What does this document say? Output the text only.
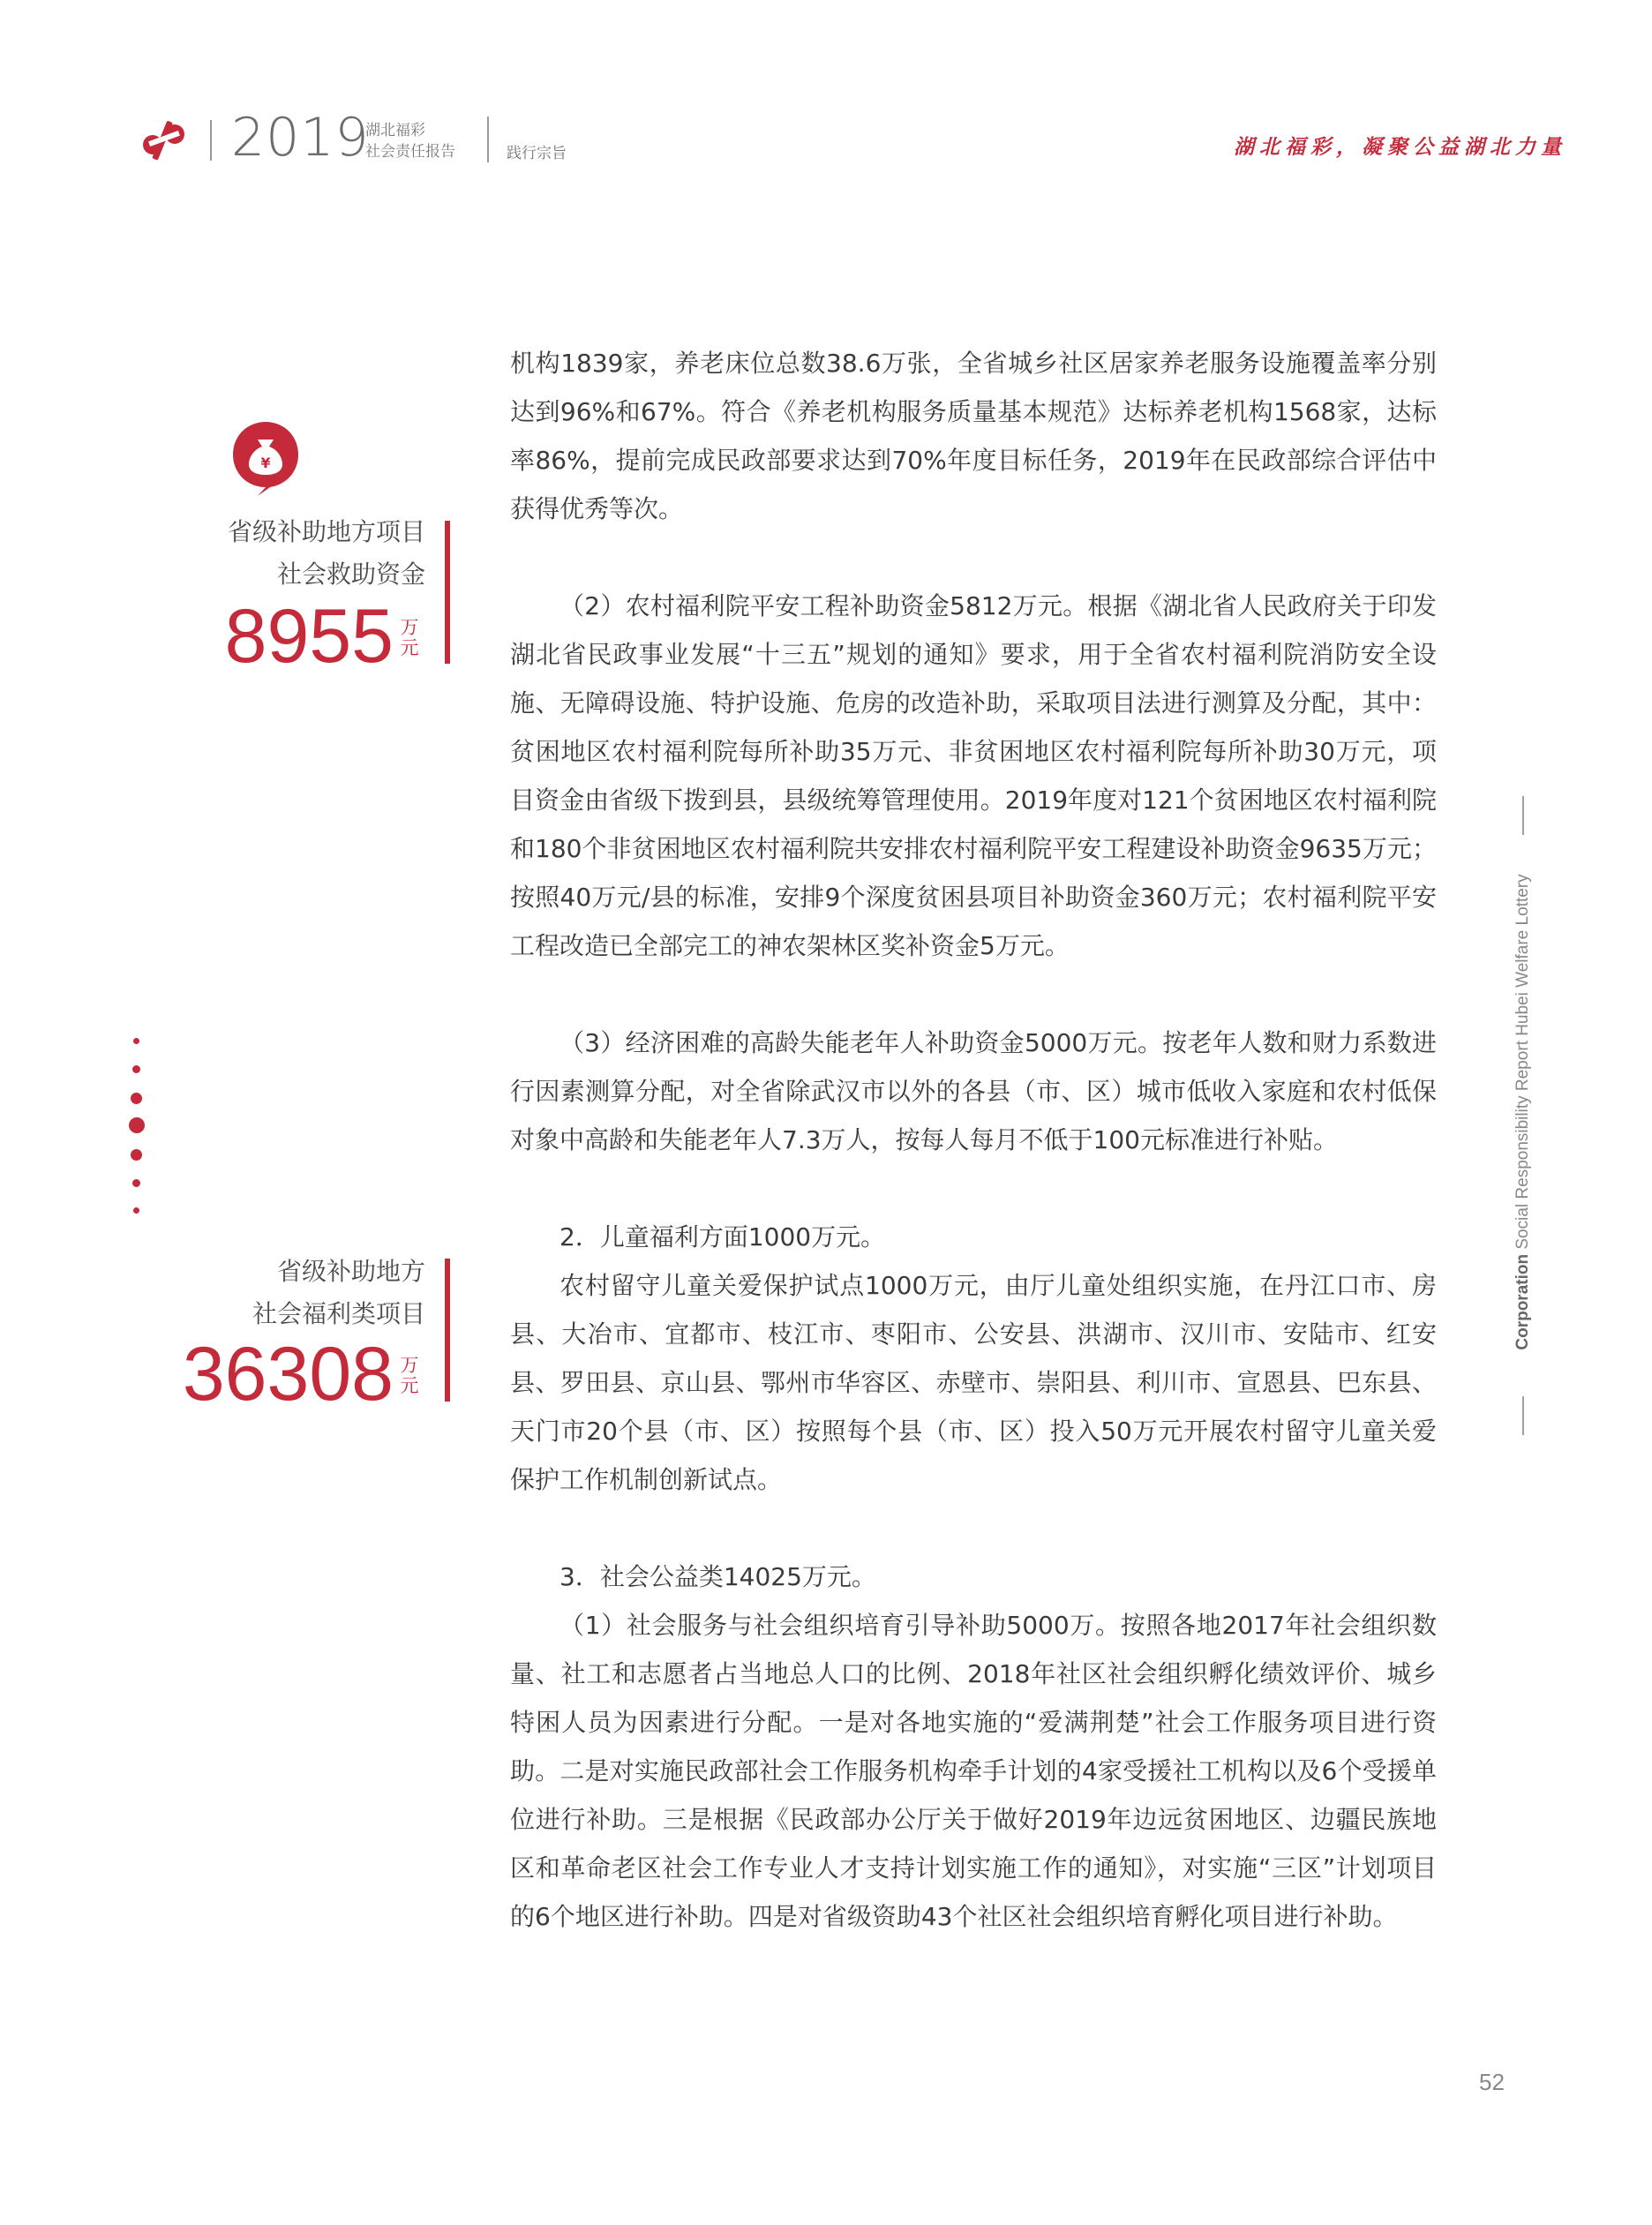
2019
湖北福彩
社会责任报告	践行宗旨	湖北福彩，凝聚公益湖北力量
¥
省级补助地方项目
社会救助资金
8955 万
元
省级补助地方
社会福利类项目
36308 万
元

机构1839家，养老床位总数38.6万张，全省城乡社区居家养老服务设施覆盖率分别达到96%和67%。符合《养老机构服务质量基本规范》达标养老机构1568家，达标率86%，提前完成民政部要求达到70%年度目标任务，2019年在民政部综合评估中获得优秀等次。

（2）农村福利院平安工程补助资金5812万元。根据《湖北省人民政府关于印发湖北省民政事业发展“十三五”规划的通知》要求，用于全省农村福利院消防安全设施、无障碍设施、特护设施、危房的改造补助，采取项目法进行测算及分配，其中：贫困地区农村福利院每所补助35万元、非贫困地区农村福利院每所补助30万元，项目资金由省级下拨到县，县级统筹管理使用。2019年度对121个贫困地区农村福利院和180个非贫困地区农村福利院共安排农村福利院平安工程建设补助资金9635万元；按照40万元/县的标准，安排9个深度贫困县项目补助资金360万元；农村福利院平安工程改造已全部完工的神农架林区奖补资金5万元。

（3）经济困难的高龄失能老年人补助资金5000万元。按老年人数和财力系数进行因素测算分配，对全省除武汉市以外的各县（市、区）城市低收入家庭和农村低保对象中高龄和失能老年人7.3万人，按每人每月不低于100元标准进行补贴。

2．儿童福利方面1000万元。

农村留守儿童关爱保护试点1000万元，由厅儿童处组织实施，在丹江口市、房县、大冶市、宜都市、枝江市、枣阳市、公安县、洪湖市、汉川市、安陆市、红安县、罗田县、京山县、鄂州市华容区、赤壁市、崇阳县、利川市、宣恩县、巴东县、天门市20个县（市、区）按照每个县（市、区）投入50万元开展农村留守儿童关爱保护工作机制创新试点。

3．社会公益类14025万元。

（1）社会服务与社会组织培育引导补助5000万。按照各地2017年社会组织数量、社工和志愿者占当地总人口的比例、2018年社区社会组织孵化绩效评价、城乡特困人员为因素进行分配。一是对各地实施的“爱满荆楚”社会工作服务项目进行资助。二是对实施民政部社会工作服务机构牵手计划的4家受援社工机构以及6个受援单位进行补助。三是根据《民政部办公厅关于做好2019年边远贫困地区、边疆民族地区和革命老区社会工作专业人才支持计划实施工作的通知》，对实施“三区”计划项目的6个地区进行补助。四是对省级资助43个社区社会组织培育孵化项目进行补助。

Corporation Social Responsibility Report Hubei Welfare Lottery
52
